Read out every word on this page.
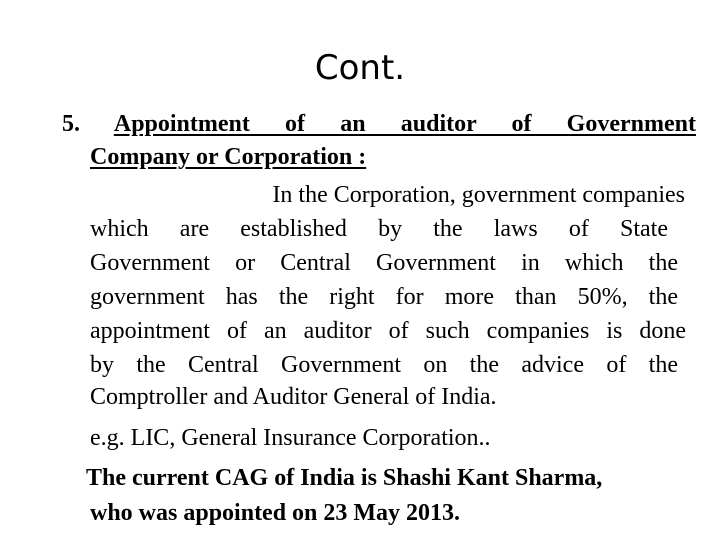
Cont.
5. Appointment of an auditor of Government
Company or Corporation :
In the Corporation, government companies
which are established by the laws of State
Government or Central Government in which the
government has the right for more than 50%, the
appointment of an auditor of such companies is done
by the Central Government on the advice of the
Comptroller and Auditor General of India.
e.g. LIC, General Insurance Corporation..
The current CAG of India is Shashi Kant Sharma,
who was appointed on 23 May 2013.
